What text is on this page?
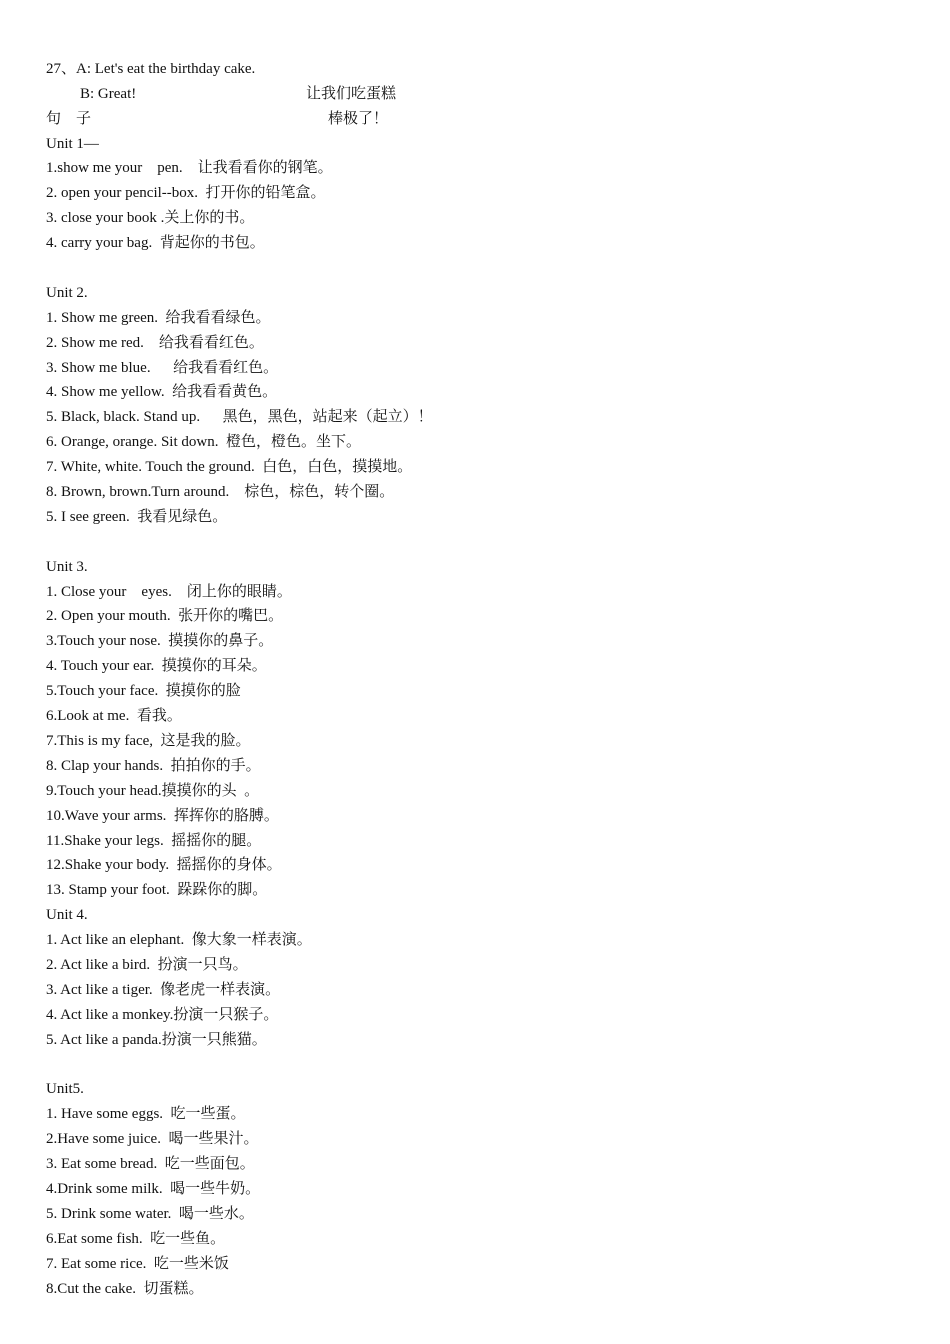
27、A: Let's eat the birthday cake.

让我们吃蛋糕

B: Great!

棒极了！

句　子
Unit 1—
1.show me your    pen.    让我看看你的钢笔。
2. open your pencil--box.  打开你的铅笔盒。
3. close your book .关上你的书。
4. carry your bag.  背起你的书包。
Unit 2.
1. Show me green.  给我看看绿色。
2. Show me red.    给我看看红色。
3. Show me blue.      给我看看红色。
4. Show me yellow.  给我看看黄色。
5. Black, black. Stand up.      黑色，黑色，站起来（起立）！
6. Orange, orange. Sit down.  橙色，橙色。坐下。
7. White, white. Touch the ground.  白色，白色，摸摸地。
8. Brown, brown.Turn around.    棕色，棕色，转个圈。
5. I see green.  我看见绿色。
Unit 3.
1. Close your    eyes.    闭上你的眼睛。
2. Open your mouth.  张开你的嘴巴。
3.Touch your nose.  摸摸你的鼻子。
4. Touch your ear.  摸摸你的耳朵。
5.Touch your face.  摸摸你的脸
6.Look at me.  看我。
7.This is my face,  这是我的脸。
8. Clap your hands.  拍拍你的手。
9.Touch your head.摸摸你的头  。
10.Wave your arms.  挥挥你的胳膊。
11.Shake your legs.  摇摇你的腿。
12.Shake your body.  摇摇你的身体。
13. Stamp your foot.  跺跺你的脚。
Unit 4.
1. Act like an elephant.  像大象一样表演。
2. Act like a bird.  扮演一只鸟。
3. Act like a tiger.  像老虎一样表演。
4. Act like a monkey.扮演一只猴子。
5. Act like a panda.扮演一只熊猫。
Unit5.
1. Have some eggs.  吃一些蛋。
2.Have some juice.  喝一些果汁。
3. Eat some bread.  吃一些面包。
4.Drink some milk.  喝一些牛奶。
5. Drink some water.  喝一些水。
6.Eat some fish.  吃一些鱼。
7. Eat some rice.  吃一些米饭
8.Cut the cake.  切蛋糕。
